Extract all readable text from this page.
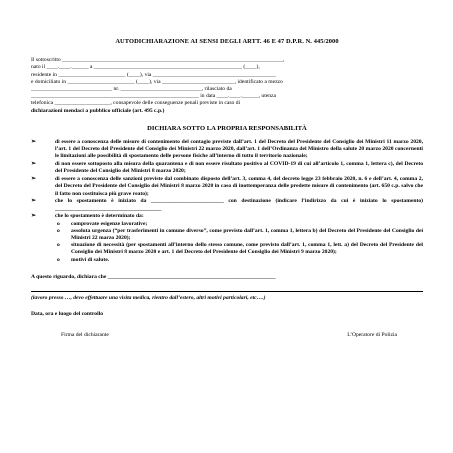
AUTODICHIARAZIONE AI SENSI DEGLI ARTT. 46 E 47 D.P.R. N. 445/2000
Il sottoscritto _______________________________________________________________________________,
nato il ____.____.______ a _____________________________________________________ (____),
residente in ________________________ (____), via ____________________________________________
e domiciliato in ________________________ (____), via __________________________, identificato a mezzo
_____________________________ nr. _____________________________, rilasciato da
____________________________________________________________ in data ____.____.______, utenza
telefonica ____________________, consapevole delle conseguenze penali previste in caso di
dichiarazioni mendaci a pubblico ufficiale (art. 495 c.p.)
DICHIARA SOTTO LA PROPRIA RESPONSABILITÀ
➢	di essere a conoscenza delle misure di contenimento del contagio previste dall’art. 1 del Decreto del Presidente del Consiglio dei Ministri 11 marzo 2020, l’art. 1 del Decreto del Presidente del Consiglio dei Ministri 22 marzo 2020, dall’art. 1 dell’Ordinanza del Ministro della salute 20 marzo 2020 concernenti le limitazioni alle possibilità di spostamento delle persone fisiche all’interno di tutto il territorio nazionale;
➢	di non essere sottoposto alla misura della quarantena e di non essere risultato positivo al COVID-19 di cui all’articolo 1, comma 1, lettera c), del Decreto del Presidente del Consiglio dei Ministri 8 marzo 2020;
➢	di essere a conoscenza delle sanzioni previste dal combinato disposto dell’art. 3, comma 4, del decreto legge 23 febbraio 2020, n. 6 e dell’art. 4, comma 2, del Decreto del Presidente del Consiglio dei Ministri 8 marzo 2020 in caso di inottemperanza delle predette misure di contenimento (art. 650 c.p. salvo che il fatto non costituisca più grave reato);
➢	che lo spostamento è iniziato da __________________________ con destinazione (indicare l’indirizzo da cui è iniziato lo spostamento) ______________________________________
➢	che lo spostamento è determinato da:
o comprovate esigenze lavorative;
o assoluta urgenza (“per trasferimenti in comune diverso”, come previsto dall’art. 1, comma 1, lettera b) del Decreto del Presidente del Consiglio dei Ministri 22 marzo 2020);
o situazione di necessità (per spostamenti all’interno dello stesso comune, come previsto dall’art. 1, comma 1, lett. a) del Decreto del Presidente del Consiglio dei Ministri 8 marzo 2020 e art. 1 del Decreto del Presidente del Consiglio dei Ministri 9 marzo 2020);
o motivi di salute.
A questo riguardo, dichiara che ____________________________________________________________
(lavoro presso …, devo effettuare una visita medica, rientro dall’estero, altri motivi particolari, etc….)
Data, ora e luogo del controllo
Firma del dichiarante	L’Operatore di Polizia
